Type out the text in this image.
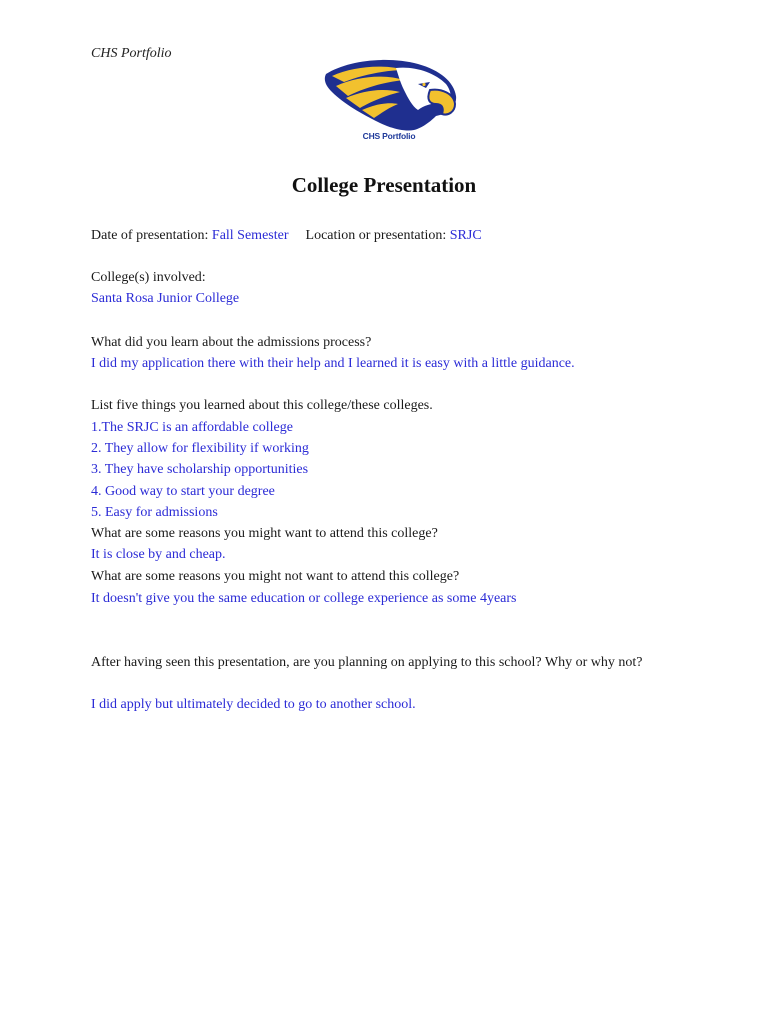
CHS Portfolio
CHS Portfolio
College Presentation
Date of presentation: Fall Semester Location or presentation: SRJC
College(s) involved:
Santa Rosa Junior College
What did you learn about the admissions process?
I did my application there with their help and I learned it is easy with a little guidance.
List five things you learned about this college/these colleges.
1.The SRJC is an affordable college
2. They allow for flexibility if working
3. They have scholarship opportunities
4. Good way to start your degree
5. Easy for admissions
What are some reasons you might want to attend this college?
It is close by and cheap.
What are some reasons you might not want to attend this college?
It doesn't give you the same education or college experience as some 4years
After having seen this presentation, are you planning on applying to this school? Why or why not?
I did apply but ultimately decided to go to another school.
